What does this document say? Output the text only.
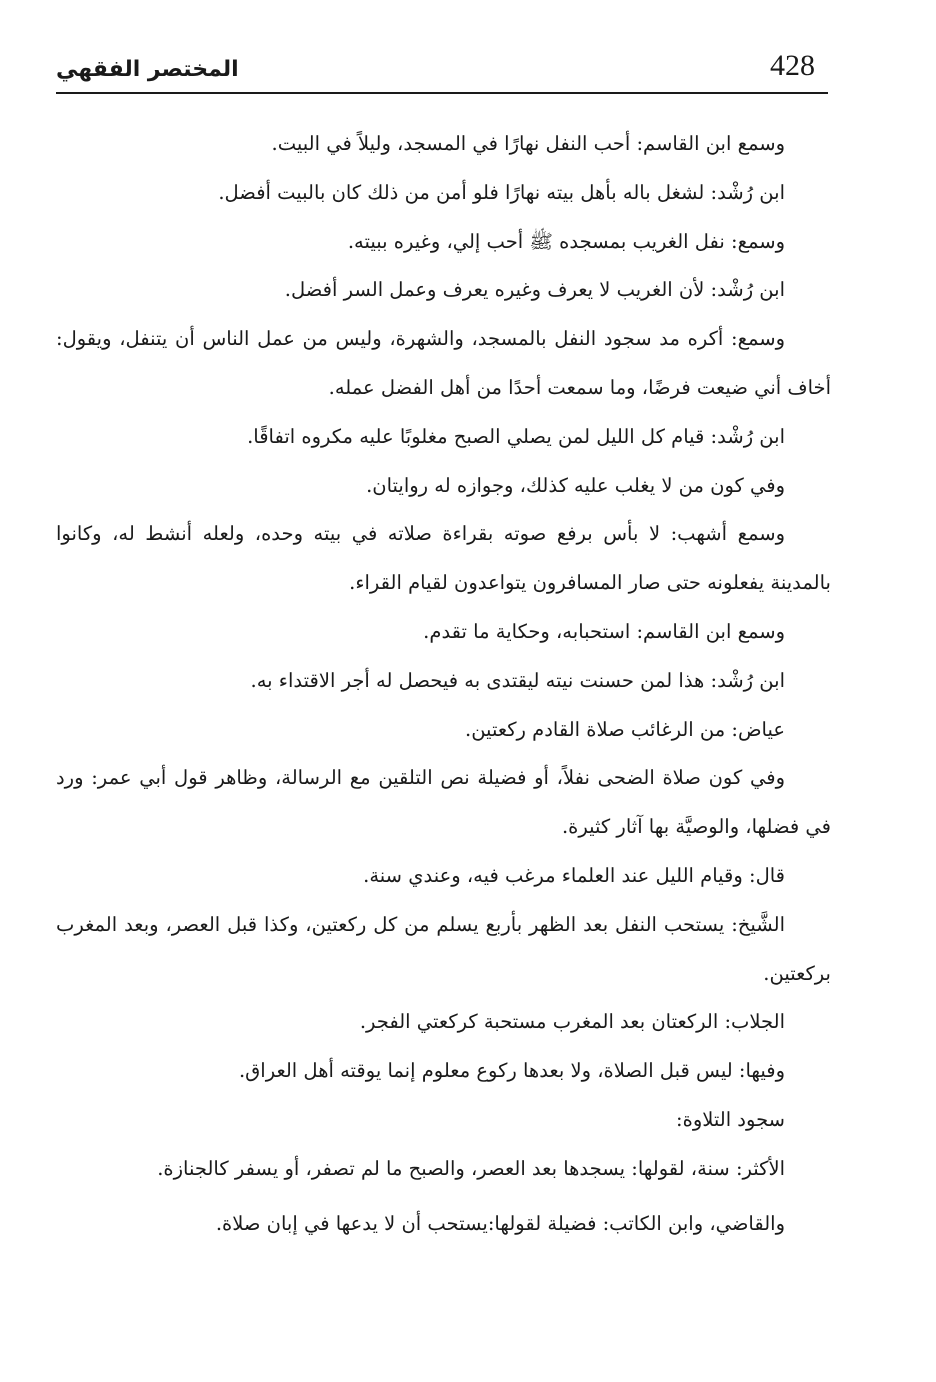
428
المختصر الفقهي

وسمع ابن القاسم: أحب النفل نهارًا في المسجد، وليلاً في البيت.

ابن رُشْد: لشغل باله بأهل بيته نهارًا فلو أمن من ذلك كان بالبيت أفضل.

وسمع: نفل الغريب بمسجده ﷺ أحب إلي، وغيره ببيته.

ابن رُشْد: لأن الغريب لا يعرف وغيره يعرف وعمل السر أفضل.

وسمع: أكره مد سجود النفل بالمسجد، والشهرة، وليس من عمل الناس أن يتنفل، ويقول: أخاف أني ضيعت فرضًا، وما سمعت أحدًا من أهل الفضل عمله.

ابن رُشْد: قيام كل الليل لمن يصلي الصبح مغلوبًا عليه مكروه اتفاقًا.

وفي كون من لا يغلب عليه كذلك، وجوازه له روايتان.

وسمع أشهب: لا بأس برفع صوته بقراءة صلاته في بيته وحده، ولعله أنشط له، وكانوا بالمدينة يفعلونه حتى صار المسافرون يتواعدون لقيام القراء.

وسمع ابن القاسم: استحبابه، وحكاية ما تقدم.

ابن رُشْد: هذا لمن حسنت نيته ليقتدى به فيحصل له أجر الاقتداء به.

عياض: من الرغائب صلاة القادم ركعتين.

وفي كون صلاة الضحى نفلاً، أو فضيلة نص التلقين مع الرسالة، وظاهر قول أبي عمر: ورد في فضلها، والوصيَّة بها آثار كثيرة.

قال: وقيام الليل عند العلماء مرغب فيه، وعندي سنة.

الشَّيخ: يستحب النفل بعد الظهر بأربع يسلم من كل ركعتين، وكذا قبل العصر، وبعد المغرب بركعتين.

الجلاب: الركعتان بعد المغرب مستحبة كركعتي الفجر.

وفيها: ليس قبل الصلاة، ولا بعدها ركوع معلوم إنما يوقته أهل العراق.

سجود التلاوة:

الأكثر: سنة، لقولها: يسجدها بعد العصر، والصبح ما لم تصفر، أو يسفر كالجنازة.

والقاضي، وابن الكاتب: فضيلة لقولها:يستحب أن لا يدعها في إبان صلاة.
